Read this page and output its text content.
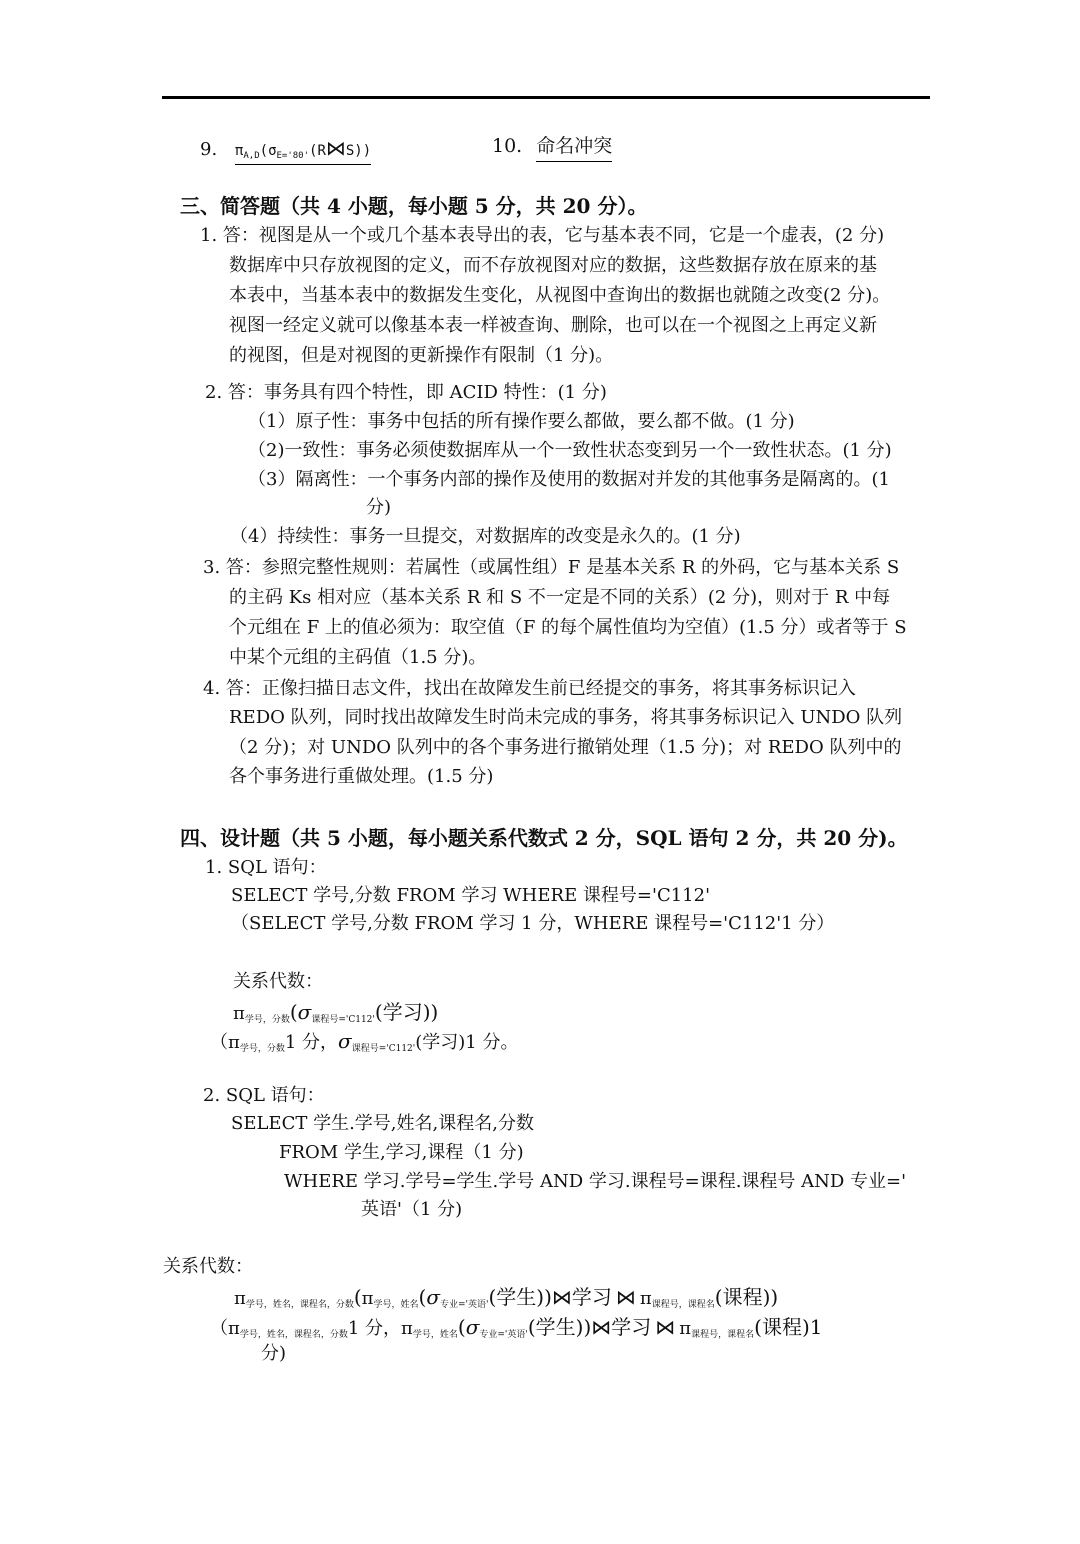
9. πA,D(σE='80'(R⋈S))	10. 命名冲突
三、简答题（共 4 小题，每小题 5 分，共 20 分）。
1. 答：视图是从一个或几个基本表导出的表，它与基本表不同，它是一个虚表，(2 分)
数据库中只存放视图的定义，而不存放视图对应的数据，这些数据存放在原来的基
本表中，当基本表中的数据发生变化，从视图中查询出的数据也就随之改变(2 分)。
视图一经定义就可以像基本表一样被查询、删除，也可以在一个视图之上再定义新
的视图，但是对视图的更新操作有限制（1 分)。
2. 答：事务具有四个特性，即 ACID 特性：(1 分)
（1）原子性：事务中包括的所有操作要么都做，要么都不做。(1 分)
（2)一致性：事务必须使数据库从一个一致性状态变到另一个一致性状态。(1 分)
（3）隔离性：一个事务内部的操作及使用的数据对并发的其他事务是隔离的。(1
分)
（4）持续性：事务一旦提交，对数据库的改变是永久的。(1 分)
3. 答：参照完整性规则：若属性（或属性组）F 是基本关系 R 的外码，它与基本关系 S
的主码 Ks 相对应（基本关系 R 和 S 不一定是不同的关系）(2 分)，则对于 R 中每
个元组在 F 上的值必须为：取空值（F 的每个属性值均为空值）(1.5 分）或者等于 S
中某个元组的主码值（1.5 分)。
4. 答：正像扫描日志文件，找出在故障发生前已经提交的事务，将其事务标识记入
REDO 队列，同时找出故障发生时尚未完成的事务，将其事务标识记入 UNDO 队列
（2 分)；对 UNDO 队列中的各个事务进行撤销处理（1.5 分)；对 REDO 队列中的
各个事务进行重做处理。(1.5 分)
四、设计题（共 5 小题，每小题关系代数式 2 分，SQL 语句 2 分，共 20 分)。
1. SQL 语句：
SELECT 学号,分数 FROM 学习 WHERE 课程号='C112'
（SELECT 学号,分数 FROM 学习 1 分，WHERE 课程号='C112'1 分）
关系代数：
π学号，分数(σ课程号='C112'(学习))
（π学号，分数1 分，σ课程号='C112'(学习)1 分。
2. SQL 语句：
SELECT 学生.学号,姓名,课程名,分数
FROM 学生,学习,课程（1 分)
WHERE 学习.学号=学生.学号 AND 学习.课程号=课程.课程号 AND 专业='
英语'（1 分)
关系代数：
π学号，姓名，课程名，分数(π学号，姓名(σ专业='英语'(学生))⋈学习 ⋈ π课程号，课程名(课程))
（π学号，姓名，课程名，分数1 分，π学号，姓名(σ专业='英语'(学生))⋈学习 ⋈ π课程号，课程名(课程)1
分)
